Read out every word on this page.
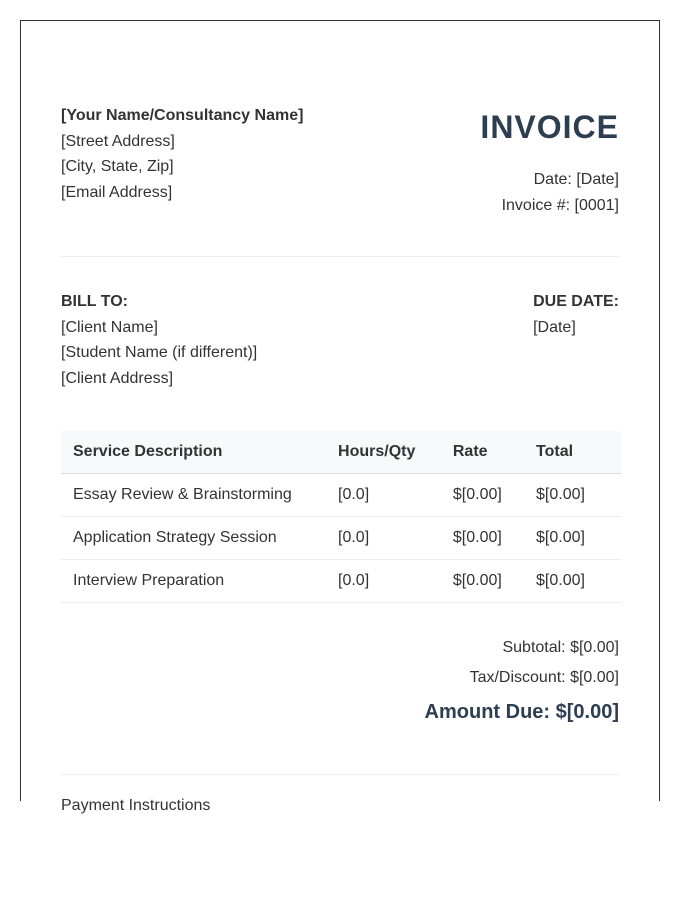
[Your Name/Consultancy Name]
[Street Address]
[City, State, Zip]
[Email Address]
INVOICE
Date: [Date]
Invoice #: [0001]
BILL TO:
[Client Name]
[Student Name (if different)]
[Client Address]
DUE DATE:
[Date]
Service Description	Hours/Qty	Rate	Total
Essay Review & Brainstorming	[0.0]	$[0.00]	$[0.00]
Application Strategy Session	[0.0]	$[0.00]	$[0.00]
Interview Preparation	[0.0]	$[0.00]	$[0.00]
Subtotal: $[0.00]
Tax/Discount: $[0.00]
Amount Due: $[0.00]
Payment Instructions
